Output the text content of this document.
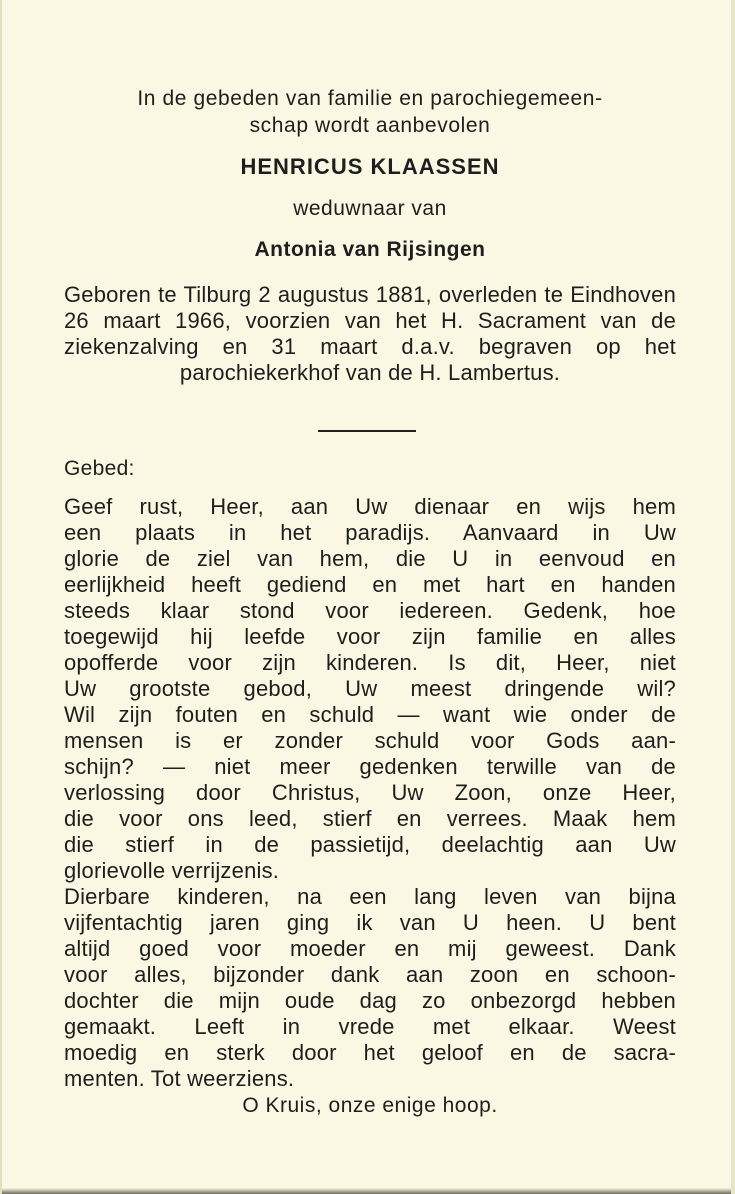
In de gebeden van familie en parochiegemeen-
schap wordt aanbevolen
HENRICUS KLAASSEN
weduwnaar van
Antonia van Rijsingen
Geboren te Tilburg 2 augustus 1881, overleden te Eindhoven 26 maart 1966, voorzien van het H. Sacrament van de ziekenzalving en 31 maart d.a.v. begraven op het parochiekerkhof van de H. Lambertus.
Gebed:
Geef rust, Heer, aan Uw dienaar en wijs hem
een plaats in het paradijs. Aanvaard in Uw
glorie de ziel van hem, die U in eenvoud en
eerlijkheid heeft gediend en met hart en handen
steeds klaar stond voor iedereen. Gedenk, hoe
toegewijd hij leefde voor zijn familie en alles
opofferde voor zijn kinderen. Is dit, Heer, niet
Uw grootste gebod, Uw meest dringende wil?
Wil zijn fouten en schuld — want wie onder de
mensen is er zonder schuld voor Gods aan-
schijn? — niet meer gedenken terwille van de
verlossing door Christus, Uw Zoon, onze Heer,
die voor ons leed, stierf en verrees. Maak hem
die stierf in de passietijd, deelachtig aan Uw
glorievolle verrijzenis.
Dierbare kinderen, na een lang leven van bijna
vijfentachtig jaren ging ik van U heen. U bent
altijd goed voor moeder en mij geweest. Dank
voor alles, bijzonder dank aan zoon en schoon-
dochter die mijn oude dag zo onbezorgd hebben
gemaakt. Leeft in vrede met elkaar. Weest
moedig en sterk door het geloof en de sacra-
menten. Tot weerziens.
O Kruis, onze enige hoop.
